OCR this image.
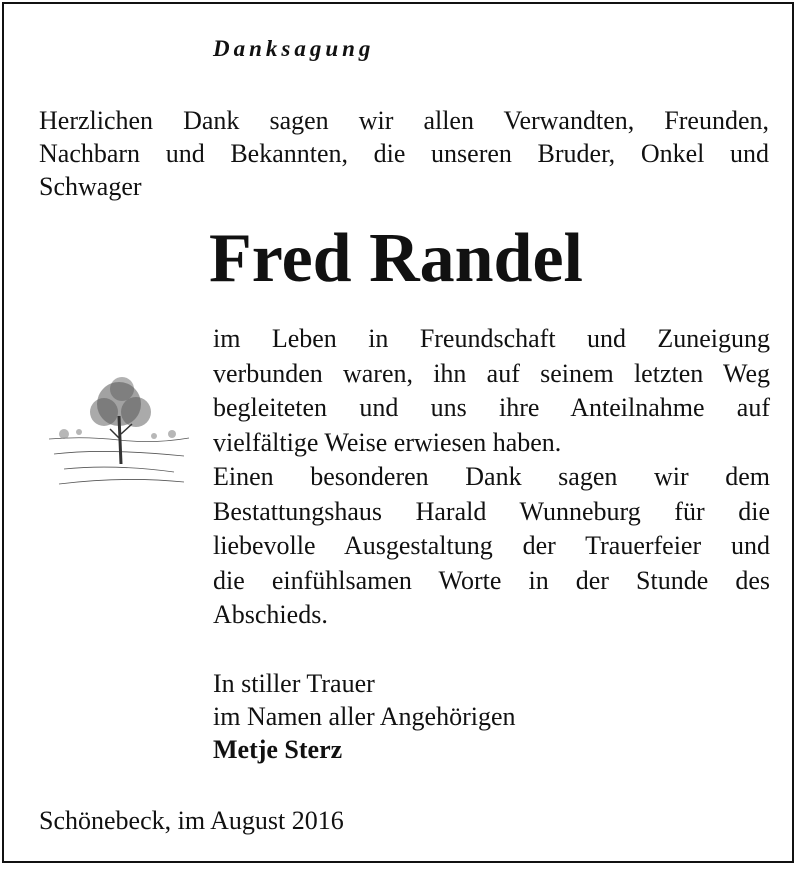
Danksagung

Herzlichen Dank sagen wir allen Verwandten, Freunden,
Nachbarn und Bekannten, die unseren Bruder, Onkel und
Schwager

Fred Randel

im Leben in Freundschaft und Zuneigung
verbunden waren, ihn auf seinem letzten Weg
begleiteten und uns ihre Anteilnahme auf
vielfältige Weise erwiesen haben.
Einen besonderen Dank sagen wir dem
Bestattungshaus Harald Wunneburg für die
liebevolle Ausgestaltung der Trauerfeier und
die einfühlsamen Worte in der Stunde des
Abschieds.

In stiller Trauer
im Namen aller Angehörigen
Metje Sterz

Schönebeck, im August 2016
